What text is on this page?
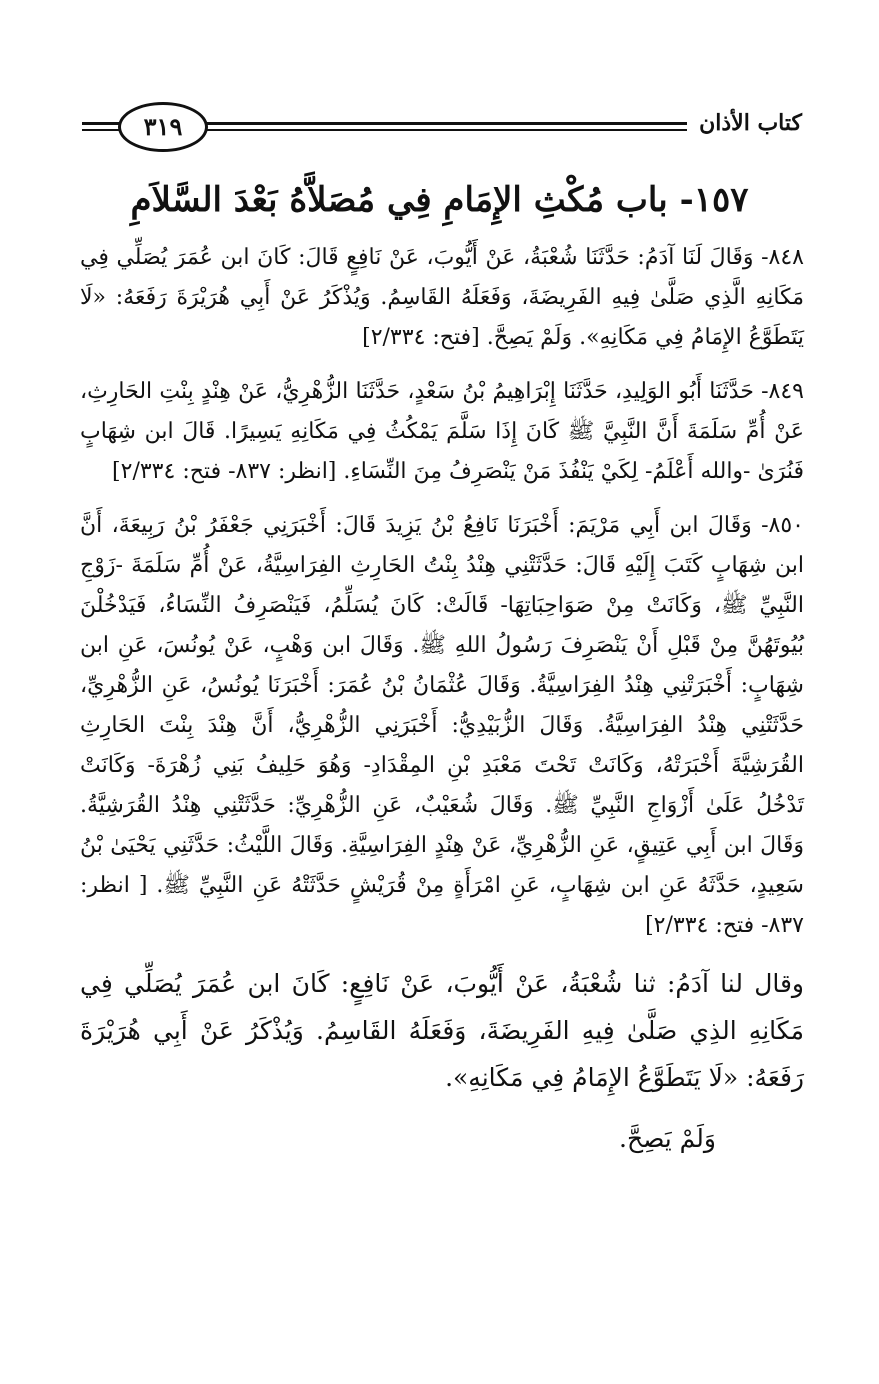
كتاب الأذان
٣١٩
١٥٧- باب مُكْثِ الإِمَامِ فِي مُصَلاَّهُ بَعْدَ السَّلاَمِ

٨٤٨- وَقَالَ لَنَا آدَمُ: حَدَّثَنَا شُعْبَةُ، عَنْ أَيُّوبَ، عَنْ نَافِعٍ قَالَ: كَانَ ابن عُمَرَ يُصَلِّي فِي مَكَانِهِ الَّذِي صَلَّىٰ فِيهِ الفَرِيضَةَ، وَفَعَلَهُ القَاسِمُ. وَيُذْكَرُ عَنْ أَبِي هُرَيْرَةَ رَفَعَهُ: «لَا يَتَطَوَّعُ الإِمَامُ فِي مَكَانِهِ». وَلَمْ يَصِحَّ. [فتح: ٢/٣٣٤]

٨٤٩- حَدَّثَنَا أَبُو الوَلِيدِ، حَدَّثَنَا إِبْرَاهِيمُ بْنُ سَعْدٍ، حَدَّثَنَا الزُّهْرِيُّ، عَنْ هِنْدٍ بِنْتِ الحَارِثِ، عَنْ أُمِّ سَلَمَةَ أَنَّ النَّبِيَّ ﷺ كَانَ إِذَا سَلَّمَ يَمْكُثُ فِي مَكَانِهِ يَسِيرًا. قَالَ ابن شِهَابٍ فَنُرَىٰ -والله أَعْلَمُ- لِكَيْ يَنْفُذَ مَنْ يَنْصَرِفُ مِنَ النِّسَاءِ. [انظر: ٨٣٧- فتح: ٢/٣٣٤]

٨٥٠- وَقَالَ ابن أَبِي مَرْيَمَ: أَخْبَرَنَا نَافِعُ بْنُ يَزِيدَ قَالَ: أَخْبَرَنِي جَعْفَرُ بْنُ رَبِيعَةَ، أَنَّ ابن شِهَابٍ كَتَبَ إِلَيْهِ قَالَ: حَدَّثَتْنِي هِنْدُ بِنْتُ الحَارِثِ الفِرَاسِيَّةُ، عَنْ أُمِّ سَلَمَةَ -زَوْجِ النَّبِيِّ ﷺ، وَكَانَتْ مِنْ صَوَاحِبَاتِهَا- قَالَتْ: كَانَ يُسَلِّمُ، فَيَنْصَرِفُ النِّسَاءُ، فَيَدْخُلْنَ بُيُوتَهُنَّ مِنْ قَبْلِ أَنْ يَنْصَرِفَ رَسُولُ اللهِ ﷺ. وَقَالَ ابن وَهْبٍ، عَنْ يُونُسَ، عَنِ ابن شِهَابٍ: أَخْبَرَتْنِي هِنْدُ الفِرَاسِيَّةُ. وَقَالَ عُثْمَانُ بْنُ عُمَرَ: أَخْبَرَنَا يُونُسُ، عَنِ الزُّهْرِيِّ، حَدَّثَتْنِي هِنْدُ الفِرَاسِيَّةُ. وَقَالَ الزُّبَيْدِيُّ: أَخْبَرَنِي الزُّهْرِيُّ، أَنَّ هِنْدَ بِنْتَ الحَارِثِ القُرَشِيَّةَ أَخْبَرَتْهُ، وَكَانَتْ تَحْتَ مَعْبَدِ بْنِ المِقْدَادِ- وَهُوَ حَلِيفُ بَنِي زُهْرَةَ- وَكَانَتْ تَدْخُلُ عَلَىٰ أَزْوَاجِ النَّبِيِّ ﷺ. وَقَالَ شُعَيْبٌ، عَنِ الزُّهْرِيِّ: حَدَّثَتْنِي هِنْدُ القُرَشِيَّةُ. وَقَالَ ابن أَبِي عَتِيقٍ، عَنِ الزُّهْرِيِّ، عَنْ هِنْدٍ الفِرَاسِيَّةِ. وَقَالَ اللَّيْثُ: حَدَّثَنِي يَحْيَىٰ بْنُ سَعِيدٍ، حَدَّثَهُ عَنِ ابن شِهَابٍ، عَنِ امْرَأَةٍ مِنْ قُرَيْشٍ حَدَّثَتْهُ عَنِ النَّبِيِّ ﷺ. [ انظر: ٨٣٧- فتح: ٢/٣٣٤]

وقال لنا آدَمُ: ثنا شُعْبَةُ، عَنْ أَيُّوبَ، عَنْ نَافِعٍ: كَانَ ابن عُمَرَ يُصَلِّي فِي مَكَانِهِ الذِي صَلَّىٰ فِيهِ الفَرِيضَةَ، وَفَعَلَهُ القَاسِمُ. وَيُذْكَرُ عَنْ أَبِي هُرَيْرَةَ رَفَعَهُ: «لَا يَتَطَوَّعُ الإِمَامُ فِي مَكَانِهِ».

وَلَمْ يَصِحَّ.
